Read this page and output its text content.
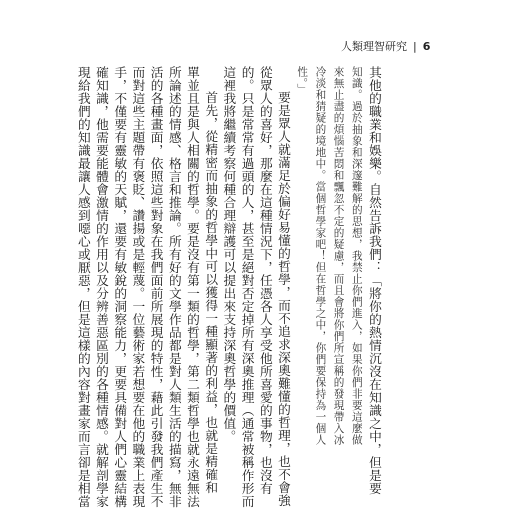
人類理智研究 | 6
其他的職業和娛樂。自然告訴我們：「將你的熱情沉沒在知識之中，但是要
知識。過於抽象和深邃難解的思想，我禁止你們進入，如果你們非要這麼做
來無止盡的煩惱苦悶和飄忽不定的疑慮，而且會將你們所宣稱的發現帶入冰
冷淡和猜疑的境地中。當個哲學家吧！但在哲學之中，你們要保持為一個人
性。」
要是眾人就滿足於偏好易懂的哲學，而不追求深奧難懂的哲理，也不會強
從眾人的喜好，那麼在這種情況下，任憑各人享受他所喜愛的事物，也沒有
的。只是常常有過頭的人，甚至是絕對否定掉所有深奧推理（通常被稱作形而
這裡我將繼續考察何種合理辯護可以提出來支持深奧哲學的價值。
首先，從精密而抽象的哲學中可以獲得一種顯著的利益，也就是精確和
單並且是與人相關的哲學。要是沒有第一類的哲學，第二類哲學也就永遠無法
所論述的情感、格言和推論。所有好的文學作品都是對人類生活的描寫，無非
活的各種畫面，依照這些對象在我們面前所展現的特性，藉此引發我們產生不
而對這些主題帶有褒貶、讚揚或是輕蔑。一位藝術家若想要在他的職業上表現
手，不僅要有靈敏的天賦，還要有敏銳的洞察能力，更要具備對人們心靈結構
確知識，他需要能體會激情的作用以及分辨善惡區別的各種情感。就解剖學家
現給我們的知識最讓人感到噁心或厭惡，但是這樣的內容對畫家而言卻是相當
